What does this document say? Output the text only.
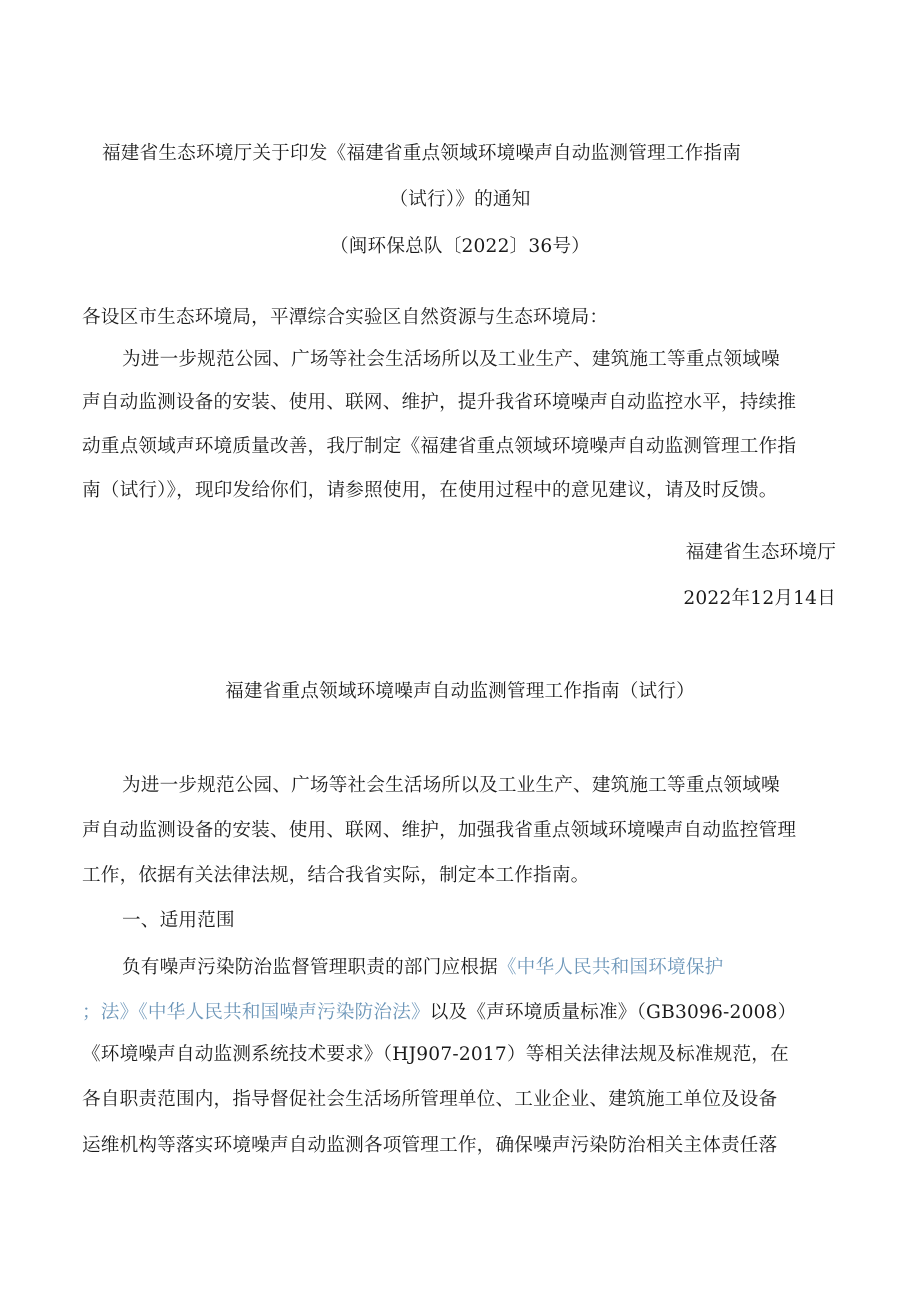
福建省生态环境厅关于印发《福建省重点领域环境噪声自动监测管理工作指南
（试行）》的通知
（闽环保总队〔2022〕36号）
各设区市生态环境局，平潭综合实验区自然资源与生态环境局：
为进一步规范公园、广场等社会生活场所以及工业生产、建筑施工等重点领域噪
声自动监测设备的安装、使用、联网、维护，提升我省环境噪声自动监控水平，持续推
动重点领域声环境质量改善，我厅制定《福建省重点领域环境噪声自动监测管理工作指
南（试行）》，现印发给你们，请参照使用，在使用过程中的意见建议，请及时反馈。
福建省生态环境厅
2022年12月14日
福建省重点领域环境噪声自动监测管理工作指南（试行）
为进一步规范公园、广场等社会生活场所以及工业生产、建筑施工等重点领域噪
声自动监测设备的安装、使用、联网、维护，加强我省重点领域环境噪声自动监控管理
工作，依据有关法律法规，结合我省实际，制定本工作指南。
一、适用范围
负有噪声污染防治监督管理职责的部门应根据《中华人民共和国环境保护
；法》《中华人民共和国噪声污染防治法》以及《声环境质量标准》（GB3096-2008）
《环境噪声自动监测系统技术要求》（HJ907-2017）等相关法律法规及标准规范，在
各自职责范围内，指导督促社会生活场所管理单位、工业企业、建筑施工单位及设备
运维机构等落实环境噪声自动监测各项管理工作，确保噪声污染防治相关主体责任落
